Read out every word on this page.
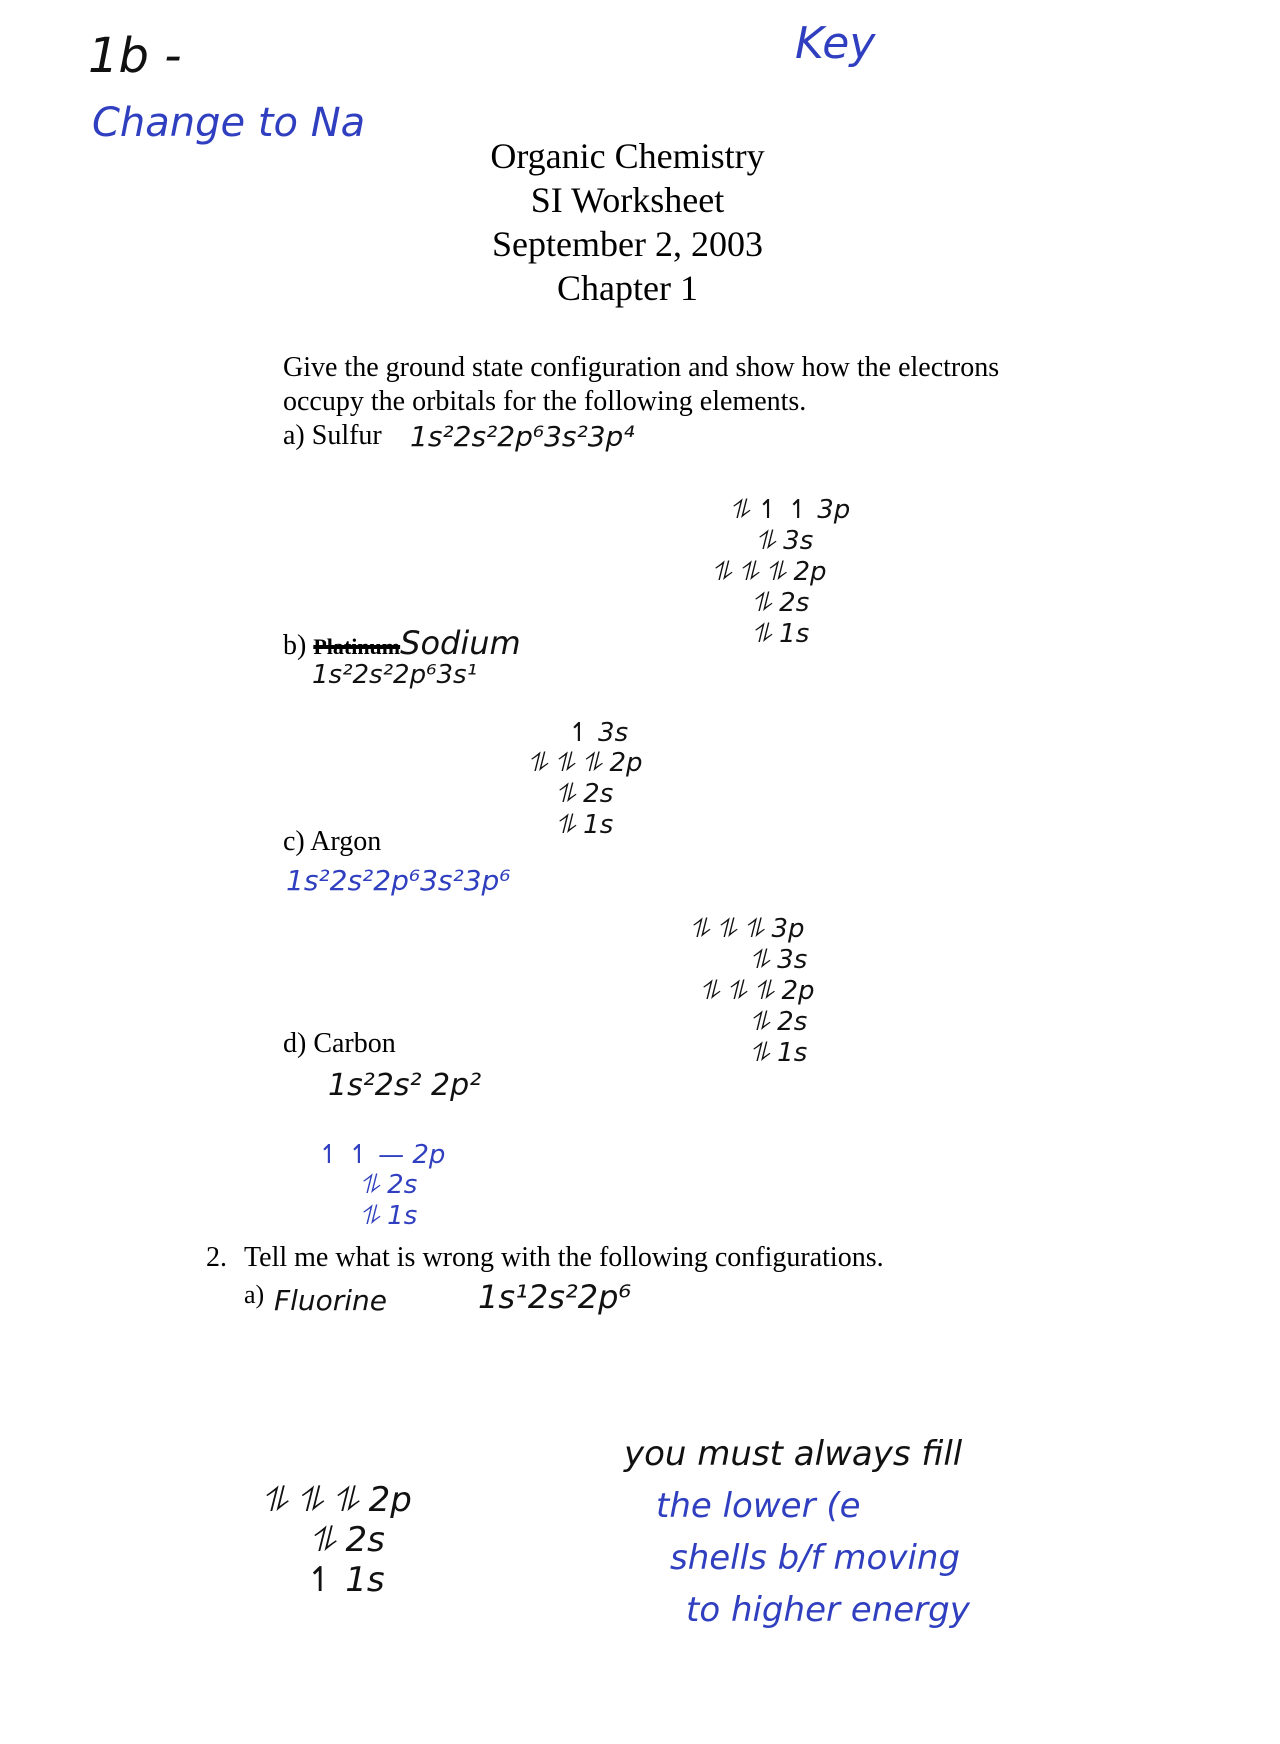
1b -
Change to Na
Key
Organic Chemistry
SI Worksheet
September 2, 2003
Chapter 1
Give the ground state configuration and show how the electrons
occupy the orbitals for the following elements.
a) Sulfur 1s²2s²2p⁶3s²3p⁴
⥮ ↿ ↿ 3p
⥮ 3s
⥮ ⥮ ⥮ 2p
⥮ 2s
⥮ 1s
b) PlatinumSodium
1s²2s²2p⁶3s¹
↿ 3s
⥮ ⥮ ⥮ 2p
⥮ 2s
⥮ 1s
c) Argon
1s²2s²2p⁶3s²3p⁶
⥮ ⥮ ⥮ 3p
⥮ 3s
⥮ ⥮ ⥮ 2p
⥮ 2s
⥮ 1s
d) Carbon
1s²2s² 2p²
↿ ↿ — 2p
⥮ 2s
⥮ 1s
2. Tell me what is wrong with the following configurations.
a) Fluorine	1s¹2s²2p⁶
⥮ ⥮ ⥮ 2p
⥮ 2s
↿ 1s
you must always fill
the lower (e
shells b/f moving
to higher energy
